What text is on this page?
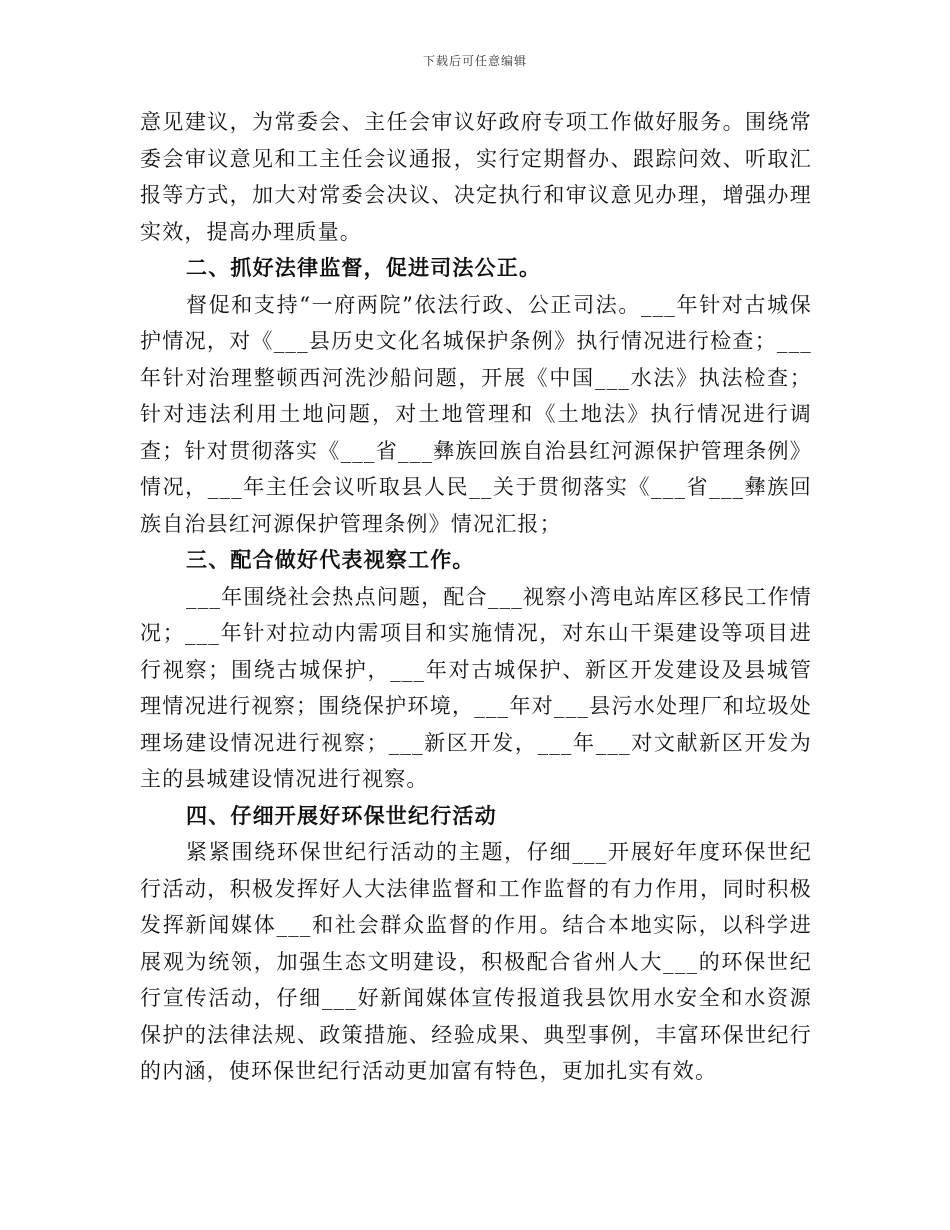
下载后可任意编辑

意见建议，为常委会、主任会审议好政府专项工作做好服务。围绕常委会审议意见和工主任会议通报，实行定期督办、跟踪问效、听取汇报等方式，加大对常委会决议、决定执行和审议意见办理，增强办理实效，提高办理质量。

二、抓好法律监督，促进司法公正。

督促和支持“一府两院”依法行政、公正司法。___年针对古城保护情况，对《___县历史文化名城保护条例》执行情况进行检查；___年针对治理整顿西河洗沙船问题，开展《中国___水法》执法检查；针对违法利用土地问题，对土地管理和《土地法》执行情况进行调查；针对贯彻落实《___省___彝族回族自治县红河源保护管理条例》情况，___年主任会议听取县人民__关于贯彻落实《___省___彝族回族自治县红河源保护管理条例》情况汇报；

三、配合做好代表视察工作。

___年围绕社会热点问题，配合___视察小湾电站库区移民工作情况；___年针对拉动内需项目和实施情况，对东山干渠建设等项目进行视察；围绕古城保护，___年对古城保护、新区开发建设及县城管理情况进行视察；围绕保护环境，___年对___县污水处理厂和垃圾处理场建设情况进行视察；___新区开发，___年___对文献新区开发为主的县城建设情况进行视察。

四、仔细开展好环保世纪行活动

紧紧围绕环保世纪行活动的主题，仔细___开展好年度环保世纪行活动，积极发挥好人大法律监督和工作监督的有力作用，同时积极发挥新闻媒体___和社会群众监督的作用。结合本地实际，以科学进展观为统领，加强生态文明建设，积极配合省州人大___的环保世纪行宣传活动，仔细___好新闻媒体宣传报道我县饮用水安全和水资源保护的法律法规、政策措施、经验成果、典型事例，丰富环保世纪行的内涵，使环保世纪行活动更加富有特色，更加扎实有效。
